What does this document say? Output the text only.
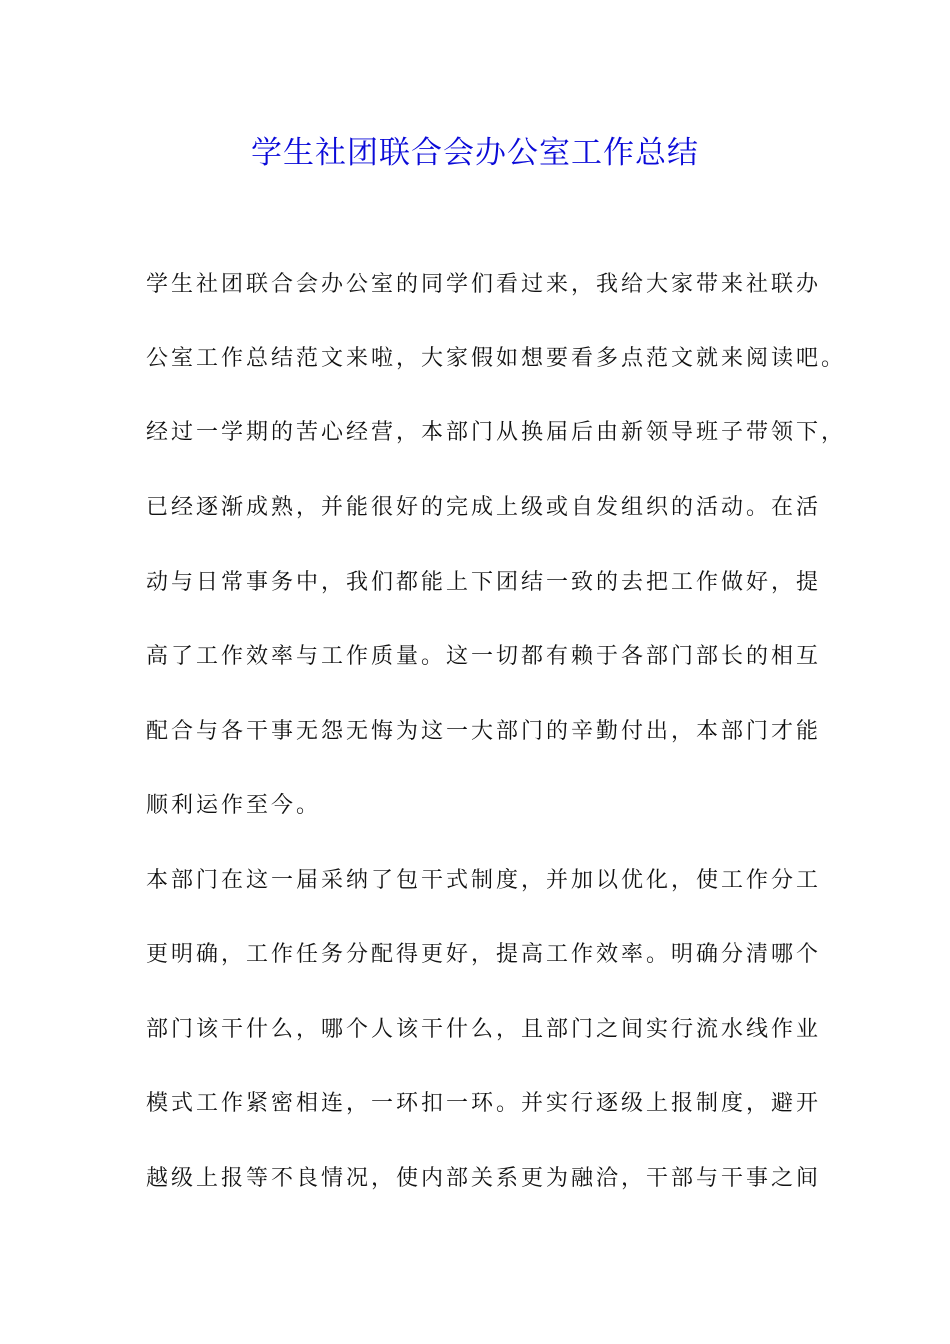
学生社团联合会办公室工作总结
学生社团联合会办公室的同学们看过来，我给大家带来社联办
公室工作总结范文来啦，大家假如想要看多点范文就来阅读吧。
经过一学期的苦心经营，本部门从换届后由新领导班子带领下，
已经逐渐成熟，并能很好的完成上级或自发组织的活动。在活
动与日常事务中，我们都能上下团结一致的去把工作做好，提
高了工作效率与工作质量。这一切都有赖于各部门部长的相互
配合与各干事无怨无悔为这一大部门的辛勤付出，本部门才能
顺利运作至今。
本部门在这一届采纳了包干式制度，并加以优化，使工作分工
更明确，工作任务分配得更好，提高工作效率。明确分清哪个
部门该干什么，哪个人该干什么，且部门之间实行流水线作业
模式工作紧密相连，一环扣一环。并实行逐级上报制度，避开
越级上报等不良情况，使内部关系更为融洽，干部与干事之间
